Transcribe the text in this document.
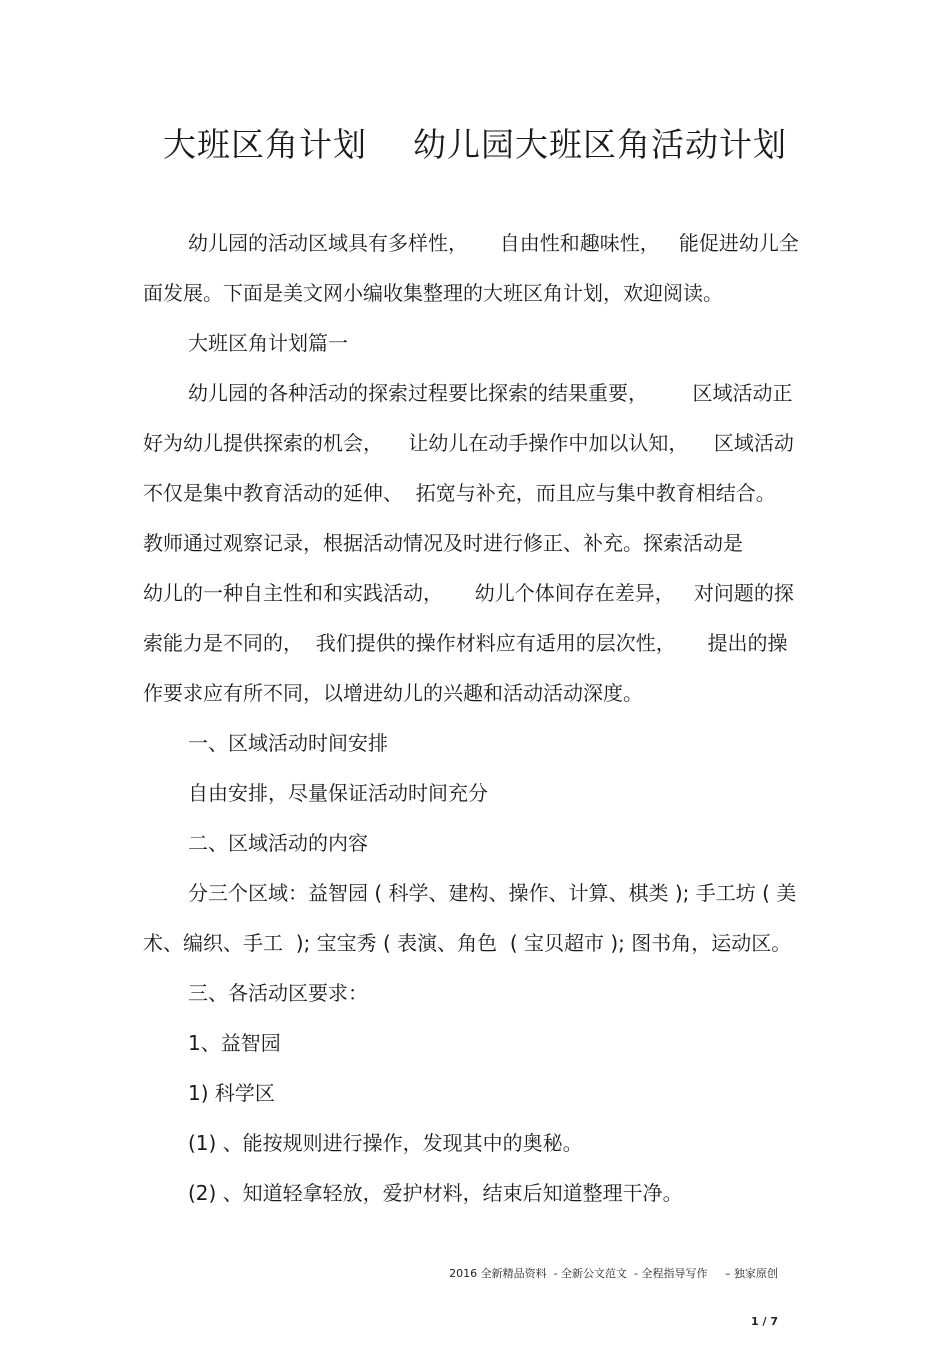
大班区角计划    幼儿园大班区角活动计划
幼儿园的活动区域具有多样性，     自由性和趣味性，   能促进幼儿全
面发展。下面是美文网小编收集整理的大班区角计划，欢迎阅读。
大班区角计划篇一
幼儿园的各种活动的探索过程要比探索的结果重要，       区域活动正
好为幼儿提供探索的机会，    让幼儿在动手操作中加以认知，    区域活动
不仅是集中教育活动的延伸、  拓宽与补充，而且应与集中教育相结合。
教师通过观察记录，根据活动情况及时进行修正、补充。探索活动是
幼儿的一种自主性和和实践活动，     幼儿个体间存在差异，   对问题的探
索能力是不同的，  我们提供的操作材料应有适用的层次性，     提出的操
作要求应有所不同，以增进幼儿的兴趣和活动活动深度。
一、区域活动时间安排
自由安排，尽量保证活动时间充分
二、区域活动的内容
分三个区域：益智园 ( 科学、建构、操作、计算、棋类 ); 手工坊 ( 美
术、编织、手工  ); 宝宝秀 ( 表演、角色  ( 宝贝超市 ); 图书角，运动区。
三、各活动区要求：
1、益智园
1) 科学区
(1) 、能按规则进行操作，发现其中的奥秘。
(2) 、知道轻拿轻放，爱护材料，结束后知道整理干净。

2016 全新精品资料  - 全新公文范文  - 全程指导写作     – 独家原创

1 / 7
